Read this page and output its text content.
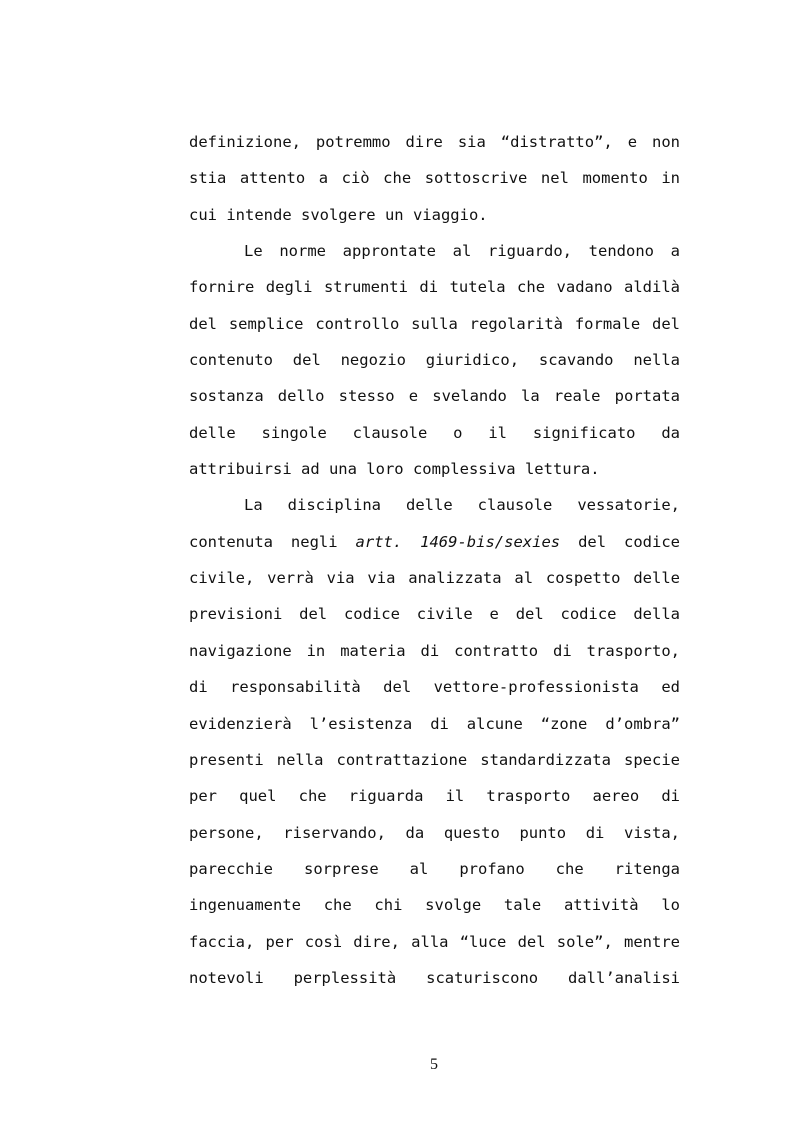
definizione, potremmo dire sia “distratto”, e non
stia attento a ciò che sottoscrive nel momento in
cui intende svolgere un viaggio.
Le norme approntate al riguardo, tendono a
fornire degli strumenti di tutela che vadano aldilà
del semplice controllo sulla regolarità formale del
contenuto del negozio giuridico, scavando nella
sostanza dello stesso e svelando la reale portata
delle singole clausole o il significato da
attribuirsi ad una loro complessiva lettura.
La disciplina delle clausole vessatorie,
contenuta negli artt. 1469-bis/sexies del codice
civile, verrà via via analizzata al cospetto delle
previsioni del codice civile e del codice della
navigazione in materia di contratto di trasporto,
di responsabilità del vettore-professionista ed
evidenzierà l’esistenza di alcune “zone d’ombra”
presenti nella contrattazione standardizzata specie
per quel che riguarda il trasporto aereo di
persone, riservando, da questo punto di vista,
parecchie sorprese al profano che ritenga
ingenuamente che chi svolge tale attività lo
faccia, per così dire, alla “luce del sole”, mentre
notevoli perplessità scaturiscono dall’analisi
5
